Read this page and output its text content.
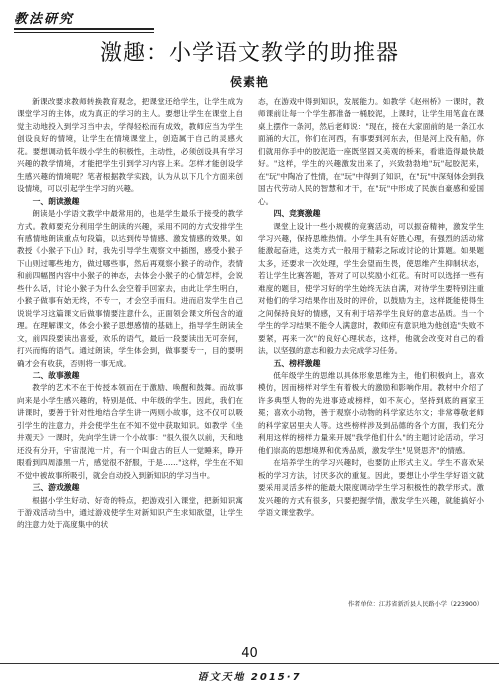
教法研究
激趣：小学语文教学的助推器
侯素艳

新课改要求教师转换教育观念，把课堂还给学生，让学生成为课堂学习的主体，成为真正的学习的主人。要想让学生在课堂上自觉主动地投入到学习当中去，学得轻松而有成效，教师应当为学生创设良好的情境，让学生在情境课堂上，创造属于自己的灵感火花。要想调动低年级小学生的积极性，主动性，必须创设具有学习兴趣的教学情境，才能把学生引到学习内容上来。怎样才能创设学生感兴趣的情境呢？笔者根据教学实践，认为从以下几个方面来创设情境，可以引起学生学习的兴趣。

一、朗读激趣

朗读是小学语文教学中最常用的，也是学生最乐于接受的教学方式。教师要充分利用学生朗读的兴趣，采用不同的方式安排学生有感情地朗读重点句段篇，以达到传导情感、激发情感的效果。如教授《小猴子下山》时，我先引导学生观察文中插图，感受小猴子下山则过哪些地方，做过哪些事，然后再观察小猴子的动作，表情和前四幅图内容中小猴子的神态，去体会小猴子的心情怎样，会说些什么话，讨论小猴子为什么会空着手回家去，由此让学生明白，小猴子做事有始无终，不专一，才会空手而归。进而启发学生自己说说学习这篇课文后做事情要注意什么，正面领会课文所包含的道理。在理解课文，体会小猴子思想感情的基础上，指导学生朗读全文，前四段要读出喜爱，欢乐的语气，最后一段要读出无可奈何，打兴而悔的语气。通过朗读，学生体会到，做事要专一，目的要明确才会有收获，否则将一事无成。

二、故事激趣

教学的艺术不在于传授本领而在于激励、唤醒和鼓舞。而故事向来是小学生感兴趣的，特别是低、中年级的学生。因此，我们在讲课时，要善于针对性地结合学生讲一两则小故事，这不仅可以吸引学生的注意力，并会使学生在不知不觉中获取知识。如教学《坐井观天》一课时，先向学生讲一个小故事："很久很久以前，天和地还没有分开，宇宙混沌一片，有一个叫盘古的巨人一觉睡来，睁开眼看到四周漆黑一片，感觉很不舒服，于是……"这样，学生在不知不觉中被故事所吸引，就会自动投入到新知识的学习当中。

三、游戏激趣

根据小学生好动、好奇的特点，把游戏引入课堂，把新知识寓于游戏活动当中，通过游戏使学生对新知识产生求知欲望，让学生的注意力处于高度集中的状

态，在游戏中得到知识，发展能力。如教学《赵州桥》一课时，教师课前让每一个学生都准备一桶胶泥，上课时，让学生用笔盒在课桌上摆作一条河，然后老师说："现在，接在大家面前的是一条江水面涌的大江，你们在河西，有事要到河东去，但是河上没有船，你们就用你手中的胶泥造一座既坚固又美观的桥来，看谁造得最快最好。"这样，学生的兴趣激发出来了，兴致勃勃地"玩"起胶泥来，在"玩"中陶冶了性情，在"玩"中得到了知识，在"玩"中深刻体会到我国古代劳动人民的智慧和才干，在"玩"中形成了民族自豪感和爱国心。

四、竞赛激趣

课堂上设计一些小规模的竞赛活动，可以振奋精神，激发学生学习兴趣，保持思维热情。小学生具有好胜心理，有强烈的活动常能激起奋进，这类方式一般用于精彩之际或讨论的计算题。如果题太多，还要求一次处理，学生会望而生畏，使思维产生抑制状态，若让学生比赛答题，答对了可以奖励小红花。有时可以选择一些有难度的题目，使学习好的学生始终无法自满，对待学生要特别注重对他们的学习结果作出及时的评价，以鼓励为主，这样既能使得生之间保持良好的情感，又有利于培养学生良好的意志品质。当一个学生的学习结果不能令人满意时，教师应有意识地为他创造"失败不要紧，再来一次"的良好心理状态，这样，他就会改变对自己的看法，以坚强的意志和毅力去完成学习任务。

五、榜样激趣

低年级学生的思维以具体形象思维为主，他们积极向上，喜欢模仿，因而榜样对学生有着极大的激励和影响作用。教材中介绍了许多典型人物的先进事迹或榜样，如不灰心，坚持到底的画家王冕；喜欢小动物，善于观察小动物的科学家达尔文；非常尊敬老师的科学家居里夫人等。这些榜样涉及到品德的各个方面，我们充分利用这样的榜样力量来开展"我学他们什么"的主题讨论活动，学习他们崇高的思想境界和优秀品质，激发学生"见贤思齐"的情感。

在培养学生的学习兴趣时，也要防止形式主义。学生不喜欢呆板的学习方法，讨厌多次的重复。因此，要想让小学生学好语文就要采用灵活多样的能最大限度调动学生学习积极性的教学形式。激发兴趣的方式有很多，只要把握学情，激发学生兴趣，就能搞好小学语文课堂教学。

作者单位：江苏省新沂县人民路小学（223900）
40
语文天地 2015·7
